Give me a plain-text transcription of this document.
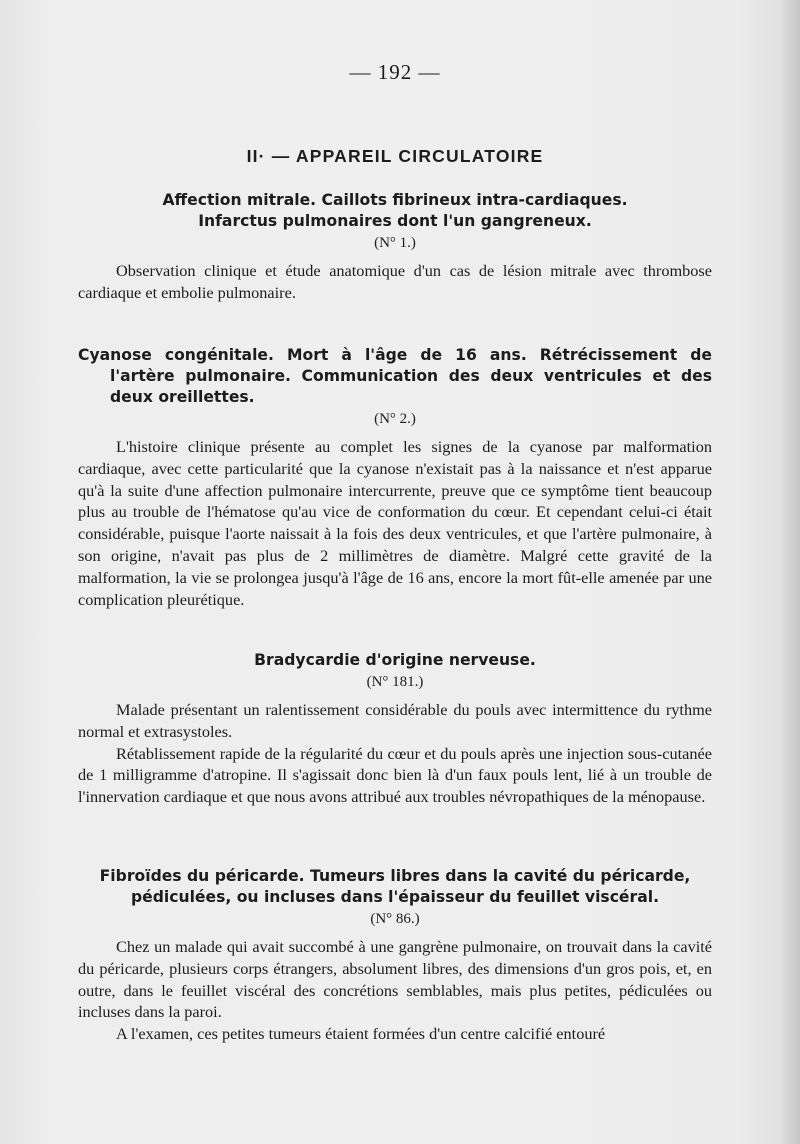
— 192 —
II· — APPAREIL CIRCULATOIRE

Affection mitrale. Caillots fibrineux intra-cardiaques.

Infarctus pulmonaires dont l'un gangreneux.

(N° 1.)

Observation clinique et étude anatomique d'un cas de lésion mitrale avec thrombose cardiaque et embolie pulmonaire.

Cyanose congénitale. Mort à l'âge de 16 ans. Rétrécissement de l'artère pulmonaire. Communication des deux ventricules et des deux oreillettes.

(N° 2.)

L'histoire clinique présente au complet les signes de la cyanose par malformation cardiaque, avec cette particularité que la cyanose n'existait pas à la naissance et n'est apparue qu'à la suite d'une affection pulmonaire intercurrente, preuve que ce symptôme tient beaucoup plus au trouble de l'hématose qu'au vice de conformation du cœur. Et cependant celui-ci était considérable, puisque l'aorte naissait à la fois des deux ventricules, et que l'artère pulmonaire, à son origine, n'avait pas plus de 2 millimètres de diamètre. Malgré cette gravité de la malformation, la vie se prolongea jusqu'à l'âge de 16 ans, encore la mort fût-elle amenée par une complication pleurétique.

Bradycardie d'origine nerveuse.

(N° 181.)

Malade présentant un ralentissement considérable du pouls avec intermittence du rythme normal et extrasystoles.

Rétablissement rapide de la régularité du cœur et du pouls après une injection sous-cutanée de 1 milligramme d'atropine. Il s'agissait donc bien là d'un faux pouls lent, lié à un trouble de l'innervation cardiaque et que nous avons attribué aux troubles névropathiques de la ménopause.

Fibroïdes du péricarde. Tumeurs libres dans la cavité du péricarde,

pédiculées, ou incluses dans l'épaisseur du feuillet viscéral.

(N° 86.)

Chez un malade qui avait succombé à une gangrène pulmonaire, on trouvait dans la cavité du péricarde, plusieurs corps étrangers, absolument libres, des dimensions d'un gros pois, et, en outre, dans le feuillet viscéral des concrétions semblables, mais plus petites, pédiculées ou incluses dans la paroi.

A l'examen, ces petites tumeurs étaient formées d'un centre calcifié entouré
